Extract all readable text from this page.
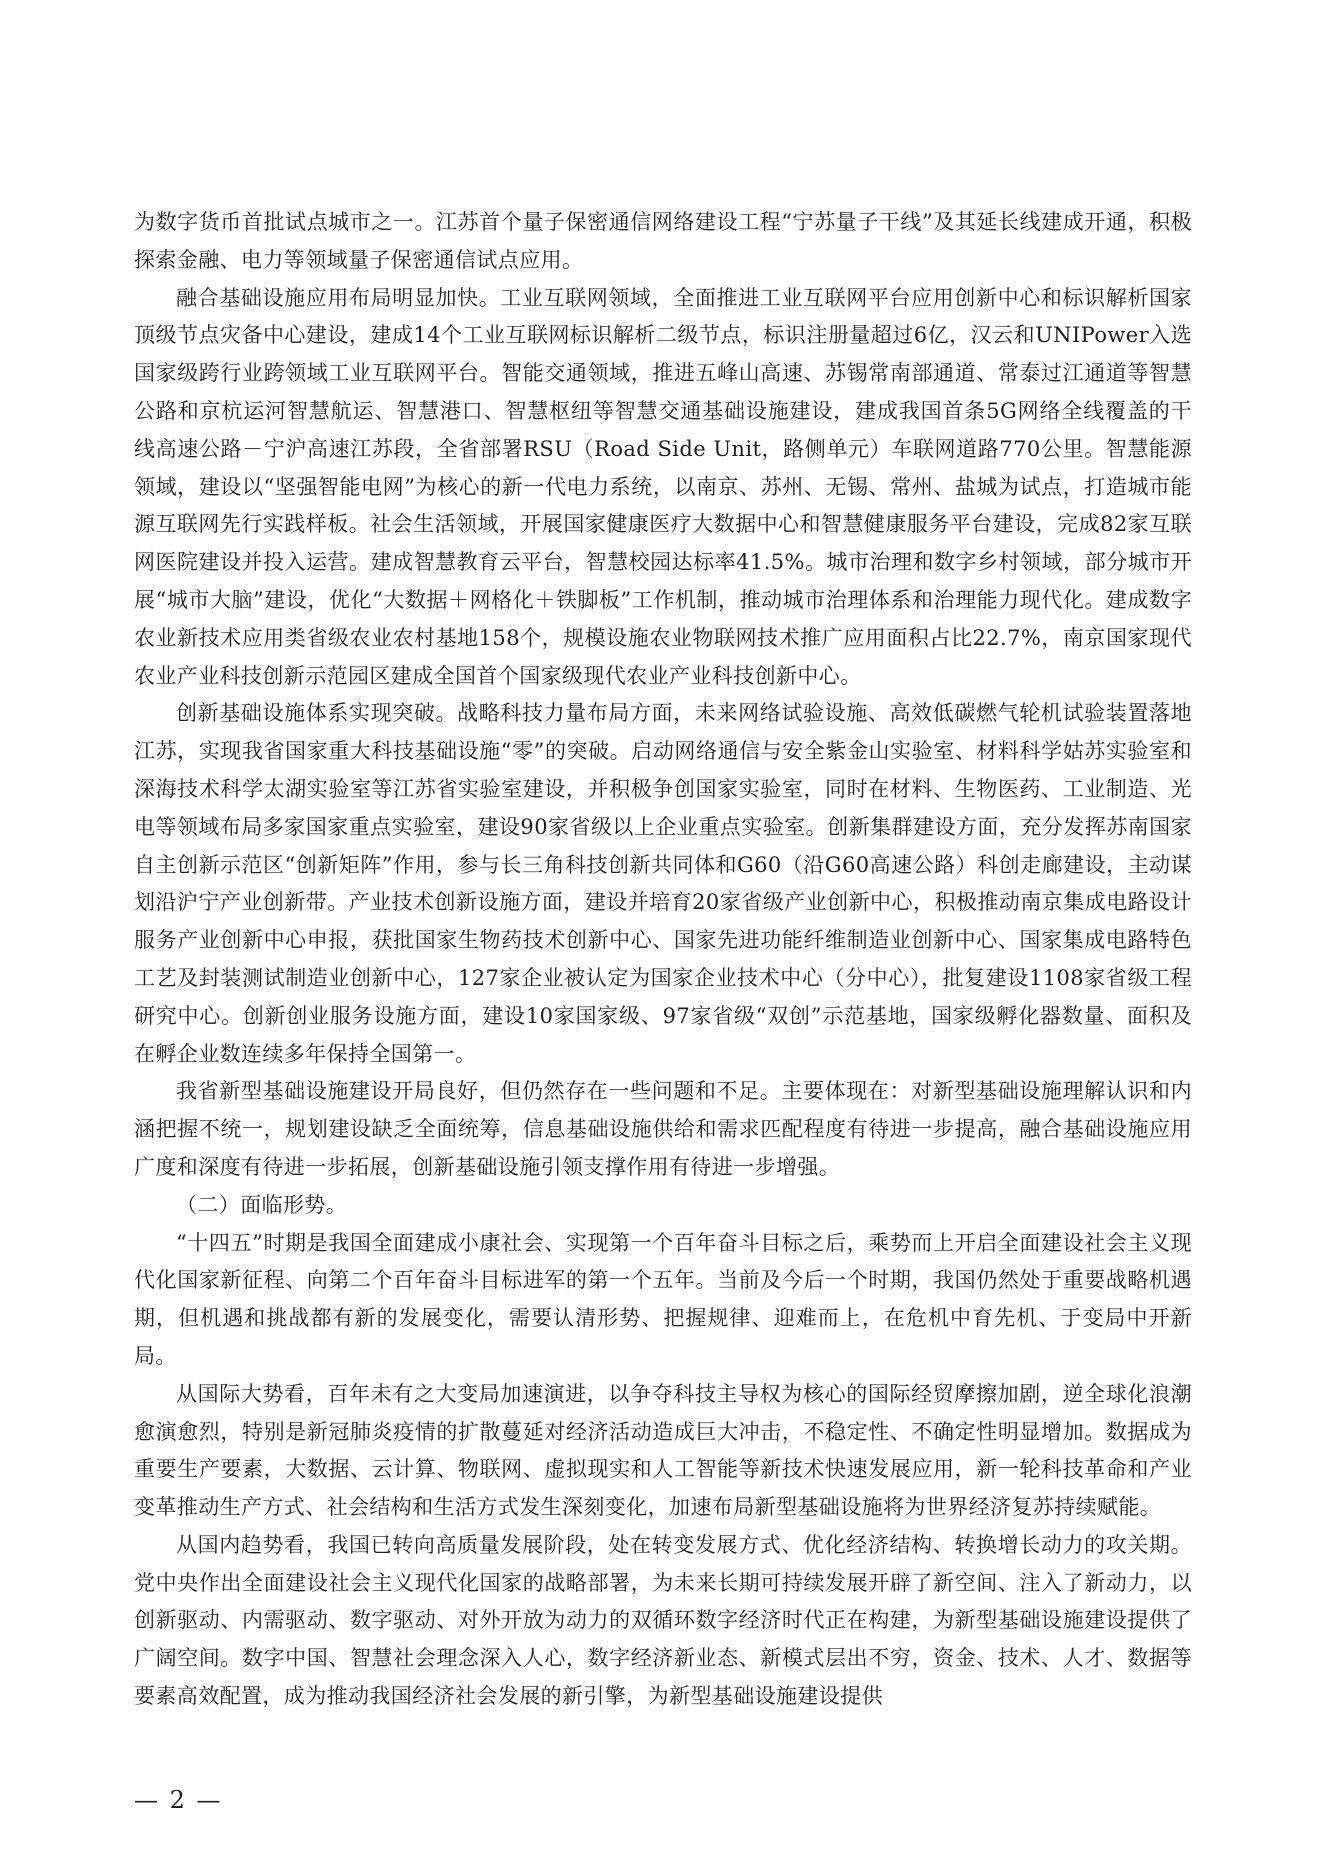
为数字货币首批试点城市之一。江苏首个量子保密通信网络建设工程“宁苏量子干线”及其延长线建成开通，积极探索金融、电力等领域量子保密通信试点应用。

融合基础设施应用布局明显加快。工业互联网领域，全面推进工业互联网平台应用创新中心和标识解析国家顶级节点灾备中心建设，建成14个工业互联网标识解析二级节点，标识注册量超过6亿，汉云和UNIPower入选国家级跨行业跨领域工业互联网平台。智能交通领域，推进五峰山高速、苏锡常南部通道、常泰过江通道等智慧公路和京杭运河智慧航运、智慧港口、智慧枢纽等智慧交通基础设施建设，建成我国首条5G网络全线覆盖的干线高速公路－宁沪高速江苏段，全省部署RSU（Road Side Unit，路侧单元）车联网道路770公里。智慧能源领域，建设以“坚强智能电网”为核心的新一代电力系统，以南京、苏州、无锡、常州、盐城为试点，打造城市能源互联网先行实践样板。社会生活领域，开展国家健康医疗大数据中心和智慧健康服务平台建设，完成82家互联网医院建设并投入运营。建成智慧教育云平台，智慧校园达标率41.5%。城市治理和数字乡村领域，部分城市开展“城市大脑”建设，优化“大数据＋网格化＋铁脚板”工作机制，推动城市治理体系和治理能力现代化。建成数字农业新技术应用类省级农业农村基地158个，规模设施农业物联网技术推广应用面积占比22.7%，南京国家现代农业产业科技创新示范园区建成全国首个国家级现代农业产业科技创新中心。

创新基础设施体系实现突破。战略科技力量布局方面，未来网络试验设施、高效低碳燃气轮机试验装置落地江苏，实现我省国家重大科技基础设施“零”的突破。启动网络通信与安全紫金山实验室、材料科学姑苏实验室和深海技术科学太湖实验室等江苏省实验室建设，并积极争创国家实验室，同时在材料、生物医药、工业制造、光电等领域布局多家国家重点实验室，建设90家省级以上企业重点实验室。创新集群建设方面，充分发挥苏南国家自主创新示范区“创新矩阵”作用，参与长三角科技创新共同体和G60（沿G60高速公路）科创走廊建设，主动谋划沿沪宁产业创新带。产业技术创新设施方面，建设并培育20家省级产业创新中心，积极推动南京集成电路设计服务产业创新中心申报，获批国家生物药技术创新中心、国家先进功能纤维制造业创新中心、国家集成电路特色工艺及封装测试制造业创新中心，127家企业被认定为国家企业技术中心（分中心），批复建设1108家省级工程研究中心。创新创业服务设施方面，建设10家国家级、97家省级“双创”示范基地，国家级孵化器数量、面积及在孵企业数连续多年保持全国第一。

我省新型基础设施建设开局良好，但仍然存在一些问题和不足。主要体现在：对新型基础设施理解认识和内涵把握不统一，规划建设缺乏全面统筹，信息基础设施供给和需求匹配程度有待进一步提高，融合基础设施应用广度和深度有待进一步拓展，创新基础设施引领支撑作用有待进一步增强。

（二）面临形势。

“十四五”时期是我国全面建成小康社会、实现第一个百年奋斗目标之后，乘势而上开启全面建设社会主义现代化国家新征程、向第二个百年奋斗目标进军的第一个五年。当前及今后一个时期，我国仍然处于重要战略机遇期，但机遇和挑战都有新的发展变化，需要认清形势、把握规律、迎难而上，在危机中育先机、于变局中开新局。

从国际大势看，百年未有之大变局加速演进，以争夺科技主导权为核心的国际经贸摩擦加剧，逆全球化浪潮愈演愈烈，特别是新冠肺炎疫情的扩散蔓延对经济活动造成巨大冲击，不稳定性、不确定性明显增加。数据成为重要生产要素，大数据、云计算、物联网、虚拟现实和人工智能等新技术快速发展应用，新一轮科技革命和产业变革推动生产方式、社会结构和生活方式发生深刻变化，加速布局新型基础设施将为世界经济复苏持续赋能。

从国内趋势看，我国已转向高质量发展阶段，处在转变发展方式、优化经济结构、转换增长动力的攻关期。党中央作出全面建设社会主义现代化国家的战略部署，为未来长期可持续发展开辟了新空间、注入了新动力，以创新驱动、内需驱动、数字驱动、对外开放为动力的双循环数字经济时代正在构建，为新型基础设施建设提供了广阔空间。数字中国、智慧社会理念深入人心，数字经济新业态、新模式层出不穷，资金、技术、人才、数据等要素高效配置，成为推动我国经济社会发展的新引擎，为新型基础设施建设提供

— 2 —
